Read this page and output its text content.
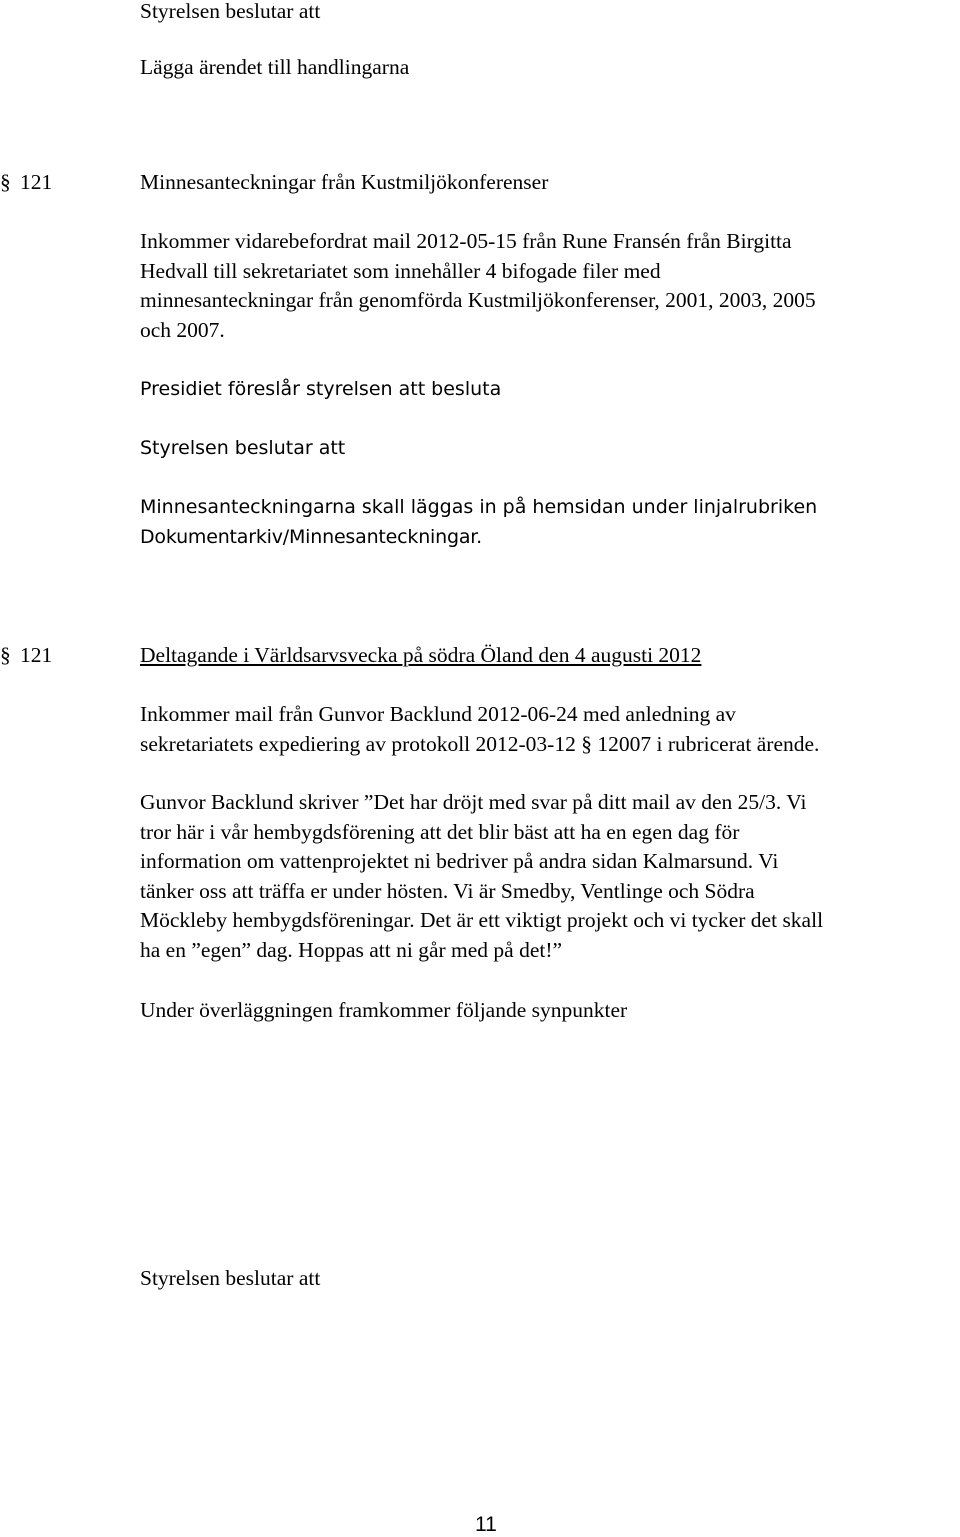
Styrelsen beslutar att
Lägga ärendet till handlingarna
§ 121	Minnesanteckningar från Kustmiljökonferenser
Inkommer vidarebefordrat mail 2012-05-15 från Rune Fransén från Birgitta
Hedvall till sekretariatet som innehåller 4 bifogade filer med
minnesanteckningar från genomförda Kustmiljökonferenser, 2001, 2003, 2005
och 2007.
Presidiet föreslår styrelsen att besluta
Styrelsen beslutar att
Minnesanteckningarna skall läggas in på hemsidan under linjalrubriken
Dokumentarkiv/Minnesanteckningar.
§ 121	Deltagande i Världsarvsvecka på södra Öland den 4 augusti 2012
Inkommer mail från Gunvor Backlund 2012-06-24 med anledning av
sekretariatets expediering av protokoll 2012-03-12 § 12007 i rubricerat ärende.
Gunvor Backlund skriver ”Det har dröjt med svar på ditt mail av den 25/3. Vi
tror här i vår hembygdsförening att det blir bäst att ha en egen dag för
information om vattenprojektet ni bedriver på andra sidan Kalmarsund. Vi
tänker oss att träffa er under hösten. Vi är Smedby, Ventlinge och Södra
Möckleby hembygdsföreningar. Det är ett viktigt projekt och vi tycker det skall
ha en ”egen” dag. Hoppas att ni går med på det!”
Under överläggningen framkommer följande synpunkter
Styrelsen beslutar att
11
